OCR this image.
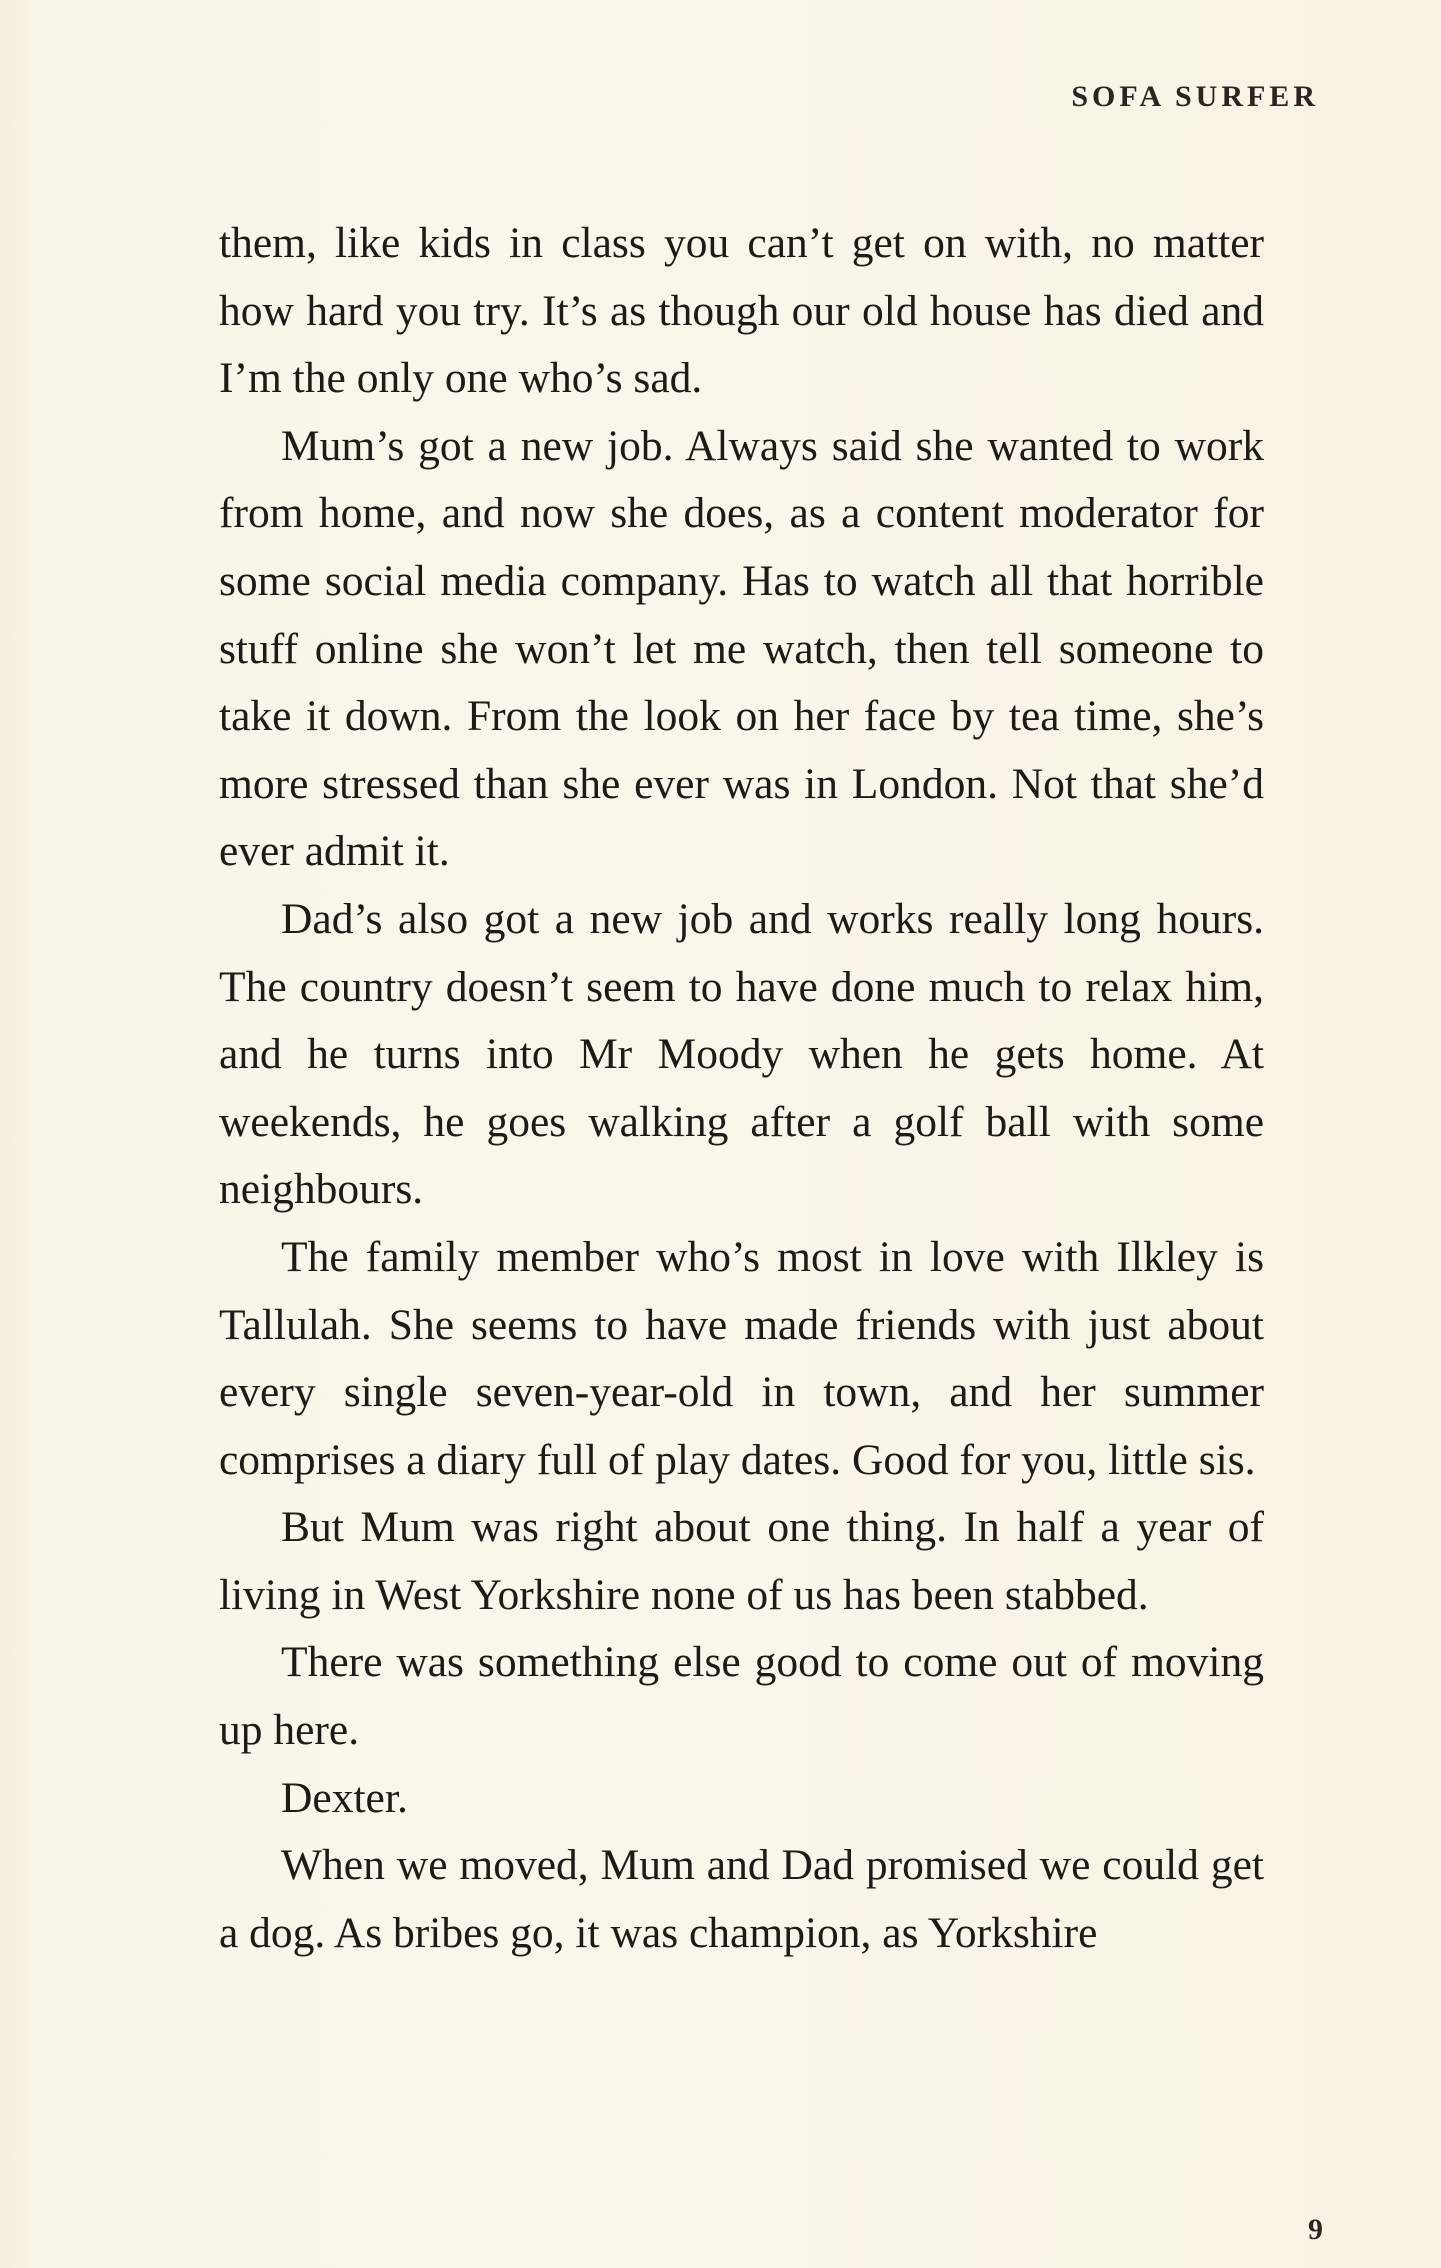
SOFA SURFER

them, like kids in class you can’t get on with, no matter how hard you try. It’s as though our old house has died and I’m the only one who’s sad.

Mum’s got a new job. Always said she wanted to work from home, and now she does, as a content moderator for some social media company. Has to watch all that horrible stuff online she won’t let me watch, then tell someone to take it down. From the look on her face by tea time, she’s more stressed than she ever was in London. Not that she’d ever admit it.

Dad’s also got a new job and works really long hours. The country doesn’t seem to have done much to relax him, and he turns into Mr Moody when he gets home. At weekends, he goes walking after a golf ball with some neighbours.

The family member who’s most in love with Ilkley is Tallulah. She seems to have made friends with just about every single seven-year-old in town, and her summer comprises a diary full of play dates. Good for you, little sis.

But Mum was right about one thing. In half a year of living in West Yorkshire none of us has been stabbed.

There was something else good to come out of moving up here.

Dexter.

When we moved, Mum and Dad promised we could get a dog. As bribes go, it was champion, as Yorkshire

9
